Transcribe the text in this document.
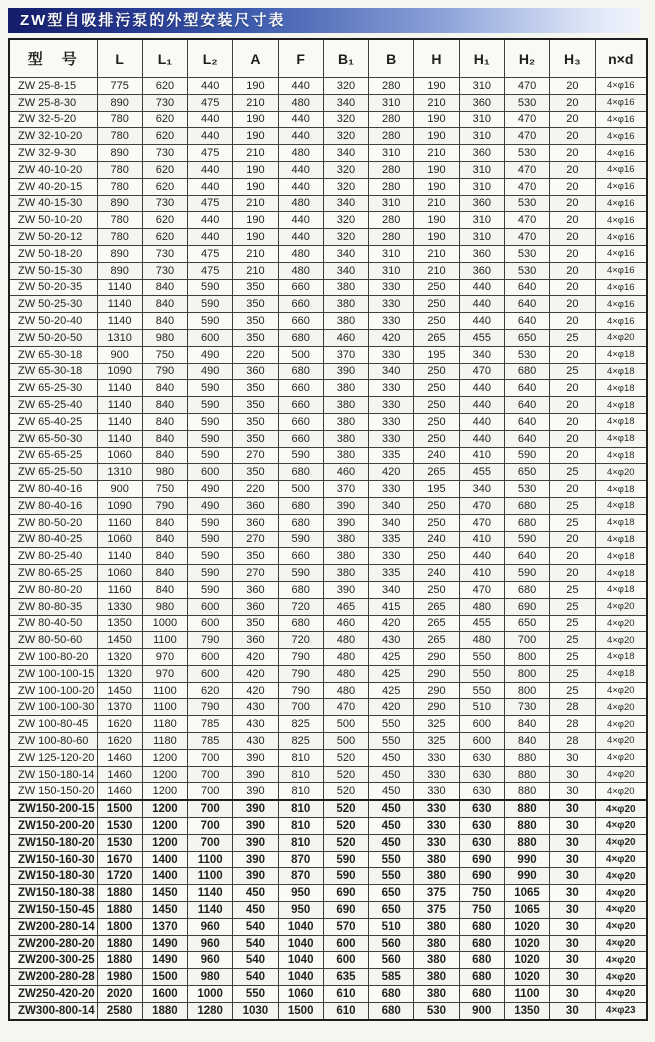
ZW型自吸排污泵的外型安装尺寸表
型　号	L	L₁	L₂	A	F	B₁	B	H	H₁	H₂	H₃	n×d
ZW 25-8-15	775	620	440	190	440	320	280	190	310	470	20	4×φ16
ZW 25-8-30	890	730	475	210	480	340	310	210	360	530	20	4×φ16
ZW 32-5-20	780	620	440	190	440	320	280	190	310	470	20	4×φ16
ZW 32-10-20	780	620	440	190	440	320	280	190	310	470	20	4×φ16
ZW 32-9-30	890	730	475	210	480	340	310	210	360	530	20	4×φ16
ZW 40-10-20	780	620	440	190	440	320	280	190	310	470	20	4×φ16
ZW 40-20-15	780	620	440	190	440	320	280	190	310	470	20	4×φ16
ZW 40-15-30	890	730	475	210	480	340	310	210	360	530	20	4×φ16
ZW 50-10-20	780	620	440	190	440	320	280	190	310	470	20	4×φ16
ZW 50-20-12	780	620	440	190	440	320	280	190	310	470	20	4×φ16
ZW 50-18-20	890	730	475	210	480	340	310	210	360	530	20	4×φ16
ZW 50-15-30	890	730	475	210	480	340	310	210	360	530	20	4×φ16
ZW 50-20-35	1140	840	590	350	660	380	330	250	440	640	20	4×φ16
ZW 50-25-30	1140	840	590	350	660	380	330	250	440	640	20	4×φ16
ZW 50-20-40	1140	840	590	350	660	380	330	250	440	640	20	4×φ16
ZW 50-20-50	1310	980	600	350	680	460	420	265	455	650	25	4×φ20
ZW 65-30-18	900	750	490	220	500	370	330	195	340	530	20	4×φ18
ZW 65-30-18	1090	790	490	360	680	390	340	250	470	680	25	4×φ18
ZW 65-25-30	1140	840	590	350	660	380	330	250	440	640	20	4×φ18
ZW 65-25-40	1140	840	590	350	660	380	330	250	440	640	20	4×φ18
ZW 65-40-25	1140	840	590	350	660	380	330	250	440	640	20	4×φ18
ZW 65-50-30	1140	840	590	350	660	380	330	250	440	640	20	4×φ18
ZW 65-65-25	1060	840	590	270	590	380	335	240	410	590	20	4×φ18
ZW 65-25-50	1310	980	600	350	680	460	420	265	455	650	25	4×φ20
ZW 80-40-16	900	750	490	220	500	370	330	195	340	530	20	4×φ18
ZW 80-40-16	1090	790	490	360	680	390	340	250	470	680	25	4×φ18
ZW 80-50-20	1160	840	590	360	680	390	340	250	470	680	25	4×φ18
ZW 80-40-25	1060	840	590	270	590	380	335	240	410	590	20	4×φ18
ZW 80-25-40	1140	840	590	350	660	380	330	250	440	640	20	4×φ18
ZW 80-65-25	1060	840	590	270	590	380	335	240	410	590	20	4×φ18
ZW 80-80-20	1160	840	590	360	680	390	340	250	470	680	25	4×φ18
ZW 80-80-35	1330	980	600	360	720	465	415	265	480	690	25	4×φ20
ZW 80-40-50	1350	1000	600	350	680	460	420	265	455	650	25	4×φ20
ZW 80-50-60	1450	1100	790	360	720	480	430	265	480	700	25	4×φ20
ZW 100-80-20	1320	970	600	420	790	480	425	290	550	800	25	4×φ18
ZW 100-100-15	1320	970	600	420	790	480	425	290	550	800	25	4×φ18
ZW 100-100-20	1450	1100	620	420	790	480	425	290	550	800	25	4×φ20
ZW 100-100-30	1370	1100	790	430	700	470	420	290	510	730	28	4×φ20
ZW 100-80-45	1620	1180	785	430	825	500	550	325	600	840	28	4×φ20
ZW 100-80-60	1620	1180	785	430	825	500	550	325	600	840	28	4×φ20
ZW 125-120-20	1460	1200	700	390	810	520	450	330	630	880	30	4×φ20
ZW 150-180-14	1460	1200	700	390	810	520	450	330	630	880	30	4×φ20
ZW 150-150-20	1460	1200	700	390	810	520	450	330	630	880	30	4×φ20
ZW150-200-15	1500	1200	700	390	810	520	450	330	630	880	30	4×φ20
ZW150-200-20	1530	1200	700	390	810	520	450	330	630	880	30	4×φ20
ZW150-180-20	1530	1200	700	390	810	520	450	330	630	880	30	4×φ20
ZW150-160-30	1670	1400	1100	390	870	590	550	380	690	990	30	4×φ20
ZW150-180-30	1720	1400	1100	390	870	590	550	380	690	990	30	4×φ20
ZW150-180-38	1880	1450	1140	450	950	690	650	375	750	1065	30	4×φ20
ZW150-150-45	1880	1450	1140	450	950	690	650	375	750	1065	30	4×φ20
ZW200-280-14	1800	1370	960	540	1040	570	510	380	680	1020	30	4×φ20
ZW200-280-20	1880	1490	960	540	1040	600	560	380	680	1020	30	4×φ20
ZW200-300-25	1880	1490	960	540	1040	600	560	380	680	1020	30	4×φ20
ZW200-280-28	1980	1500	980	540	1040	635	585	380	680	1020	30	4×φ20
ZW250-420-20	2020	1600	1000	550	1060	610	680	380	680	1100	30	4×φ20
ZW300-800-14	2580	1880	1280	1030	1500	610	680	530	900	1350	30	4×φ23
